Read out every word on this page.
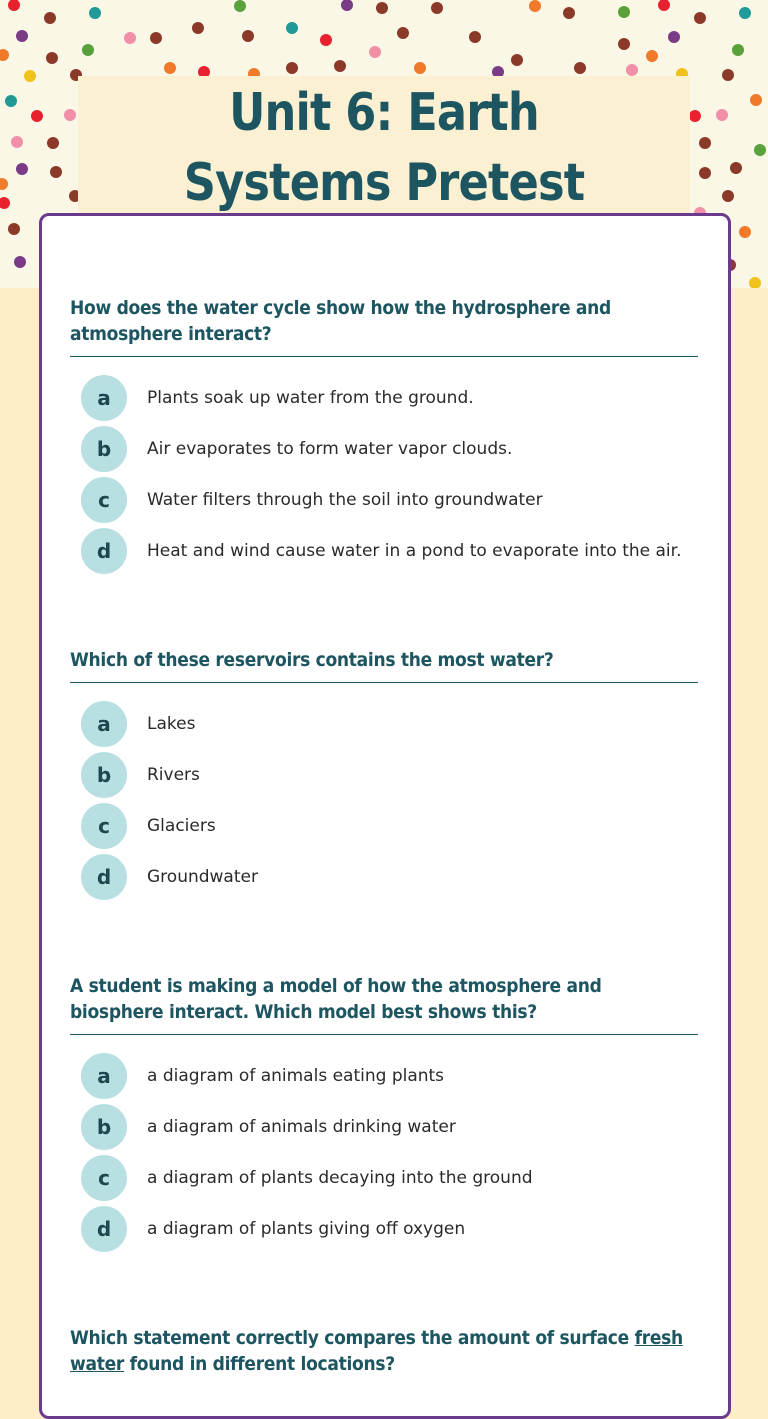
Unit 6: Earth Systems Pretest
How does the water cycle show how the hydrosphere and atmosphere interact?
a	Plants soak up water from the ground.
b	Air evaporates to form water vapor clouds.
c	Water filters through the soil into groundwater
d	Heat and wind cause water in a pond to evaporate into the air.
Which of these reservoirs contains the most water?
a	Lakes
b	Rivers
c	Glaciers
d	Groundwater
A student is making a model of how the atmosphere and biosphere interact. Which model best shows this?
a	a diagram of animals eating plants
b	a diagram of animals drinking water
c	a diagram of plants decaying into the ground
d	a diagram of plants giving off oxygen
Which statement correctly compares the amount of surface fresh water found in different locations?
